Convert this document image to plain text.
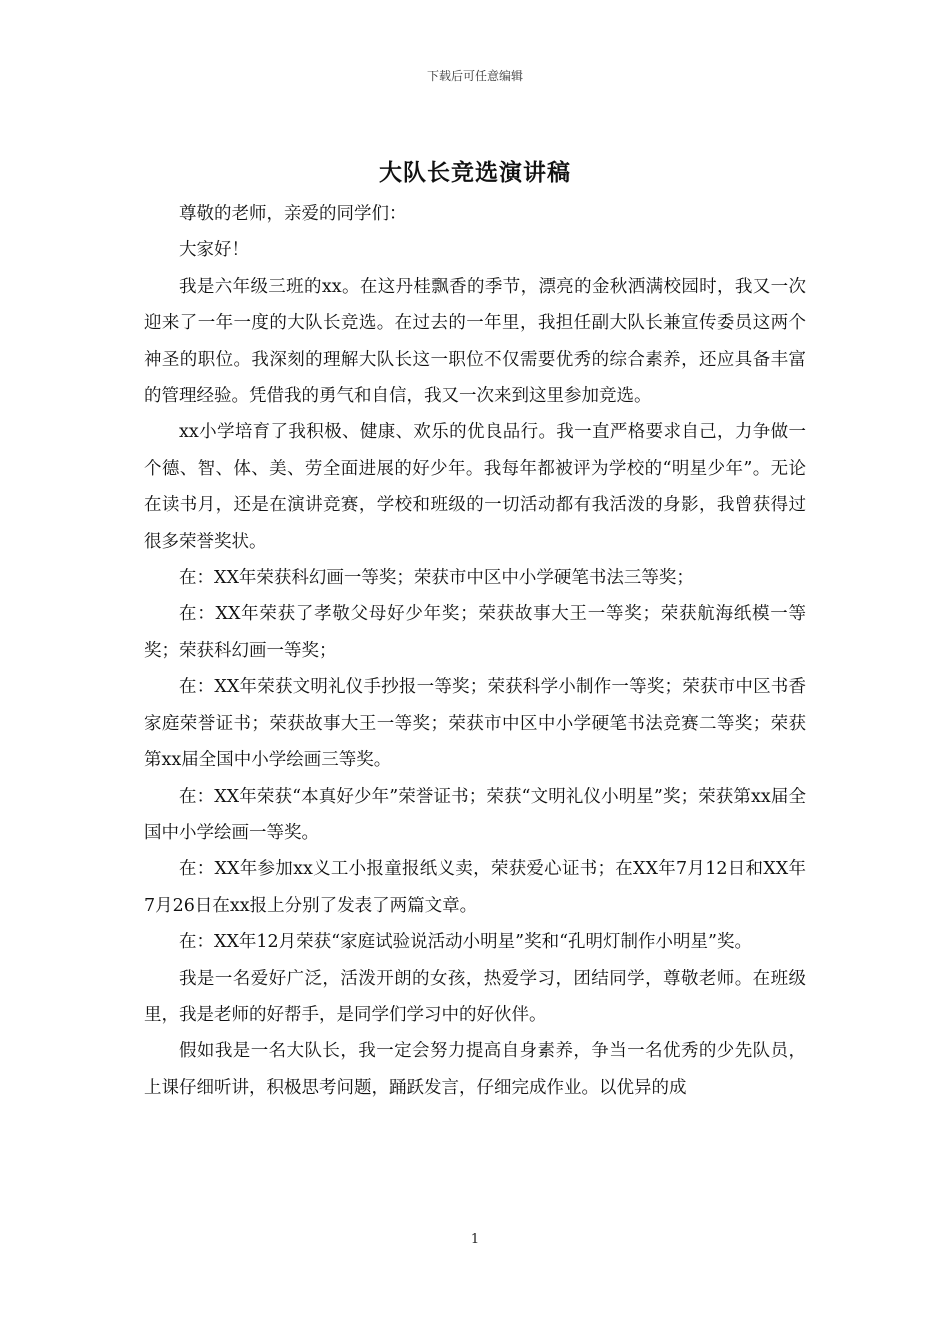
下载后可任意编辑
大队长竞选演讲稿

尊敬的老师，亲爱的同学们：

大家好！

我是六年级三班的xx。在这丹桂飘香的季节，漂亮的金秋洒满校园时，我又一次迎来了一年一度的大队长竞选。在过去的一年里，我担任副大队长兼宣传委员这两个神圣的职位。我深刻的理解大队长这一职位不仅需要优秀的综合素养，还应具备丰富的管理经验。凭借我的勇气和自信，我又一次来到这里参加竞选。

xx小学培育了我积极、健康、欢乐的优良品行。我一直严格要求自己，力争做一个德、智、体、美、劳全面进展的好少年。我每年都被评为学校的“明星少年”。无论在读书月，还是在演讲竞赛，学校和班级的一切活动都有我活泼的身影，我曾获得过很多荣誉奖状。

在：XX年荣获科幻画一等奖；荣获市中区中小学硬笔书法三等奖；

在：XX年荣获了孝敬父母好少年奖；荣获故事大王一等奖；荣获航海纸模一等奖；荣获科幻画一等奖；

在：XX年荣获文明礼仪手抄报一等奖；荣获科学小制作一等奖；荣获市中区书香家庭荣誉证书；荣获故事大王一等奖；荣获市中区中小学硬笔书法竞赛二等奖；荣获第xx届全国中小学绘画三等奖。

在：XX年荣获“本真好少年”荣誉证书；荣获“文明礼仪小明星”奖；荣获第xx届全国中小学绘画一等奖。

在：XX年参加xx义工小报童报纸义卖，荣获爱心证书；在XX年7月12日和XX年7月26日在xx报上分别了发表了两篇文章。

在：XX年12月荣获“家庭试验说活动小明星”奖和“孔明灯制作小明星”奖。

我是一名爱好广泛，活泼开朗的女孩，热爱学习，团结同学，尊敬老师。在班级里，我是老师的好帮手，是同学们学习中的好伙伴。

假如我是一名大队长，我一定会努力提高自身素养，争当一名优秀的少先队员，上课仔细听讲，积极思考问题，踊跃发言，仔细完成作业。以优异的成

1
